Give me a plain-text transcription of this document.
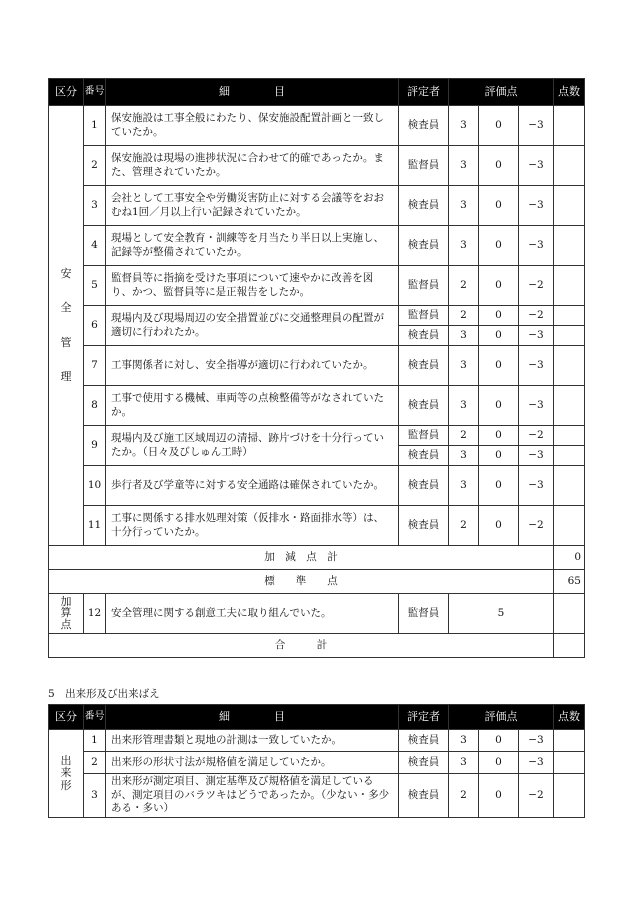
区分	番号	細　　　　目	評定者	評価点			点数

安
全
管
理	1	保安施設は工事全般にわたり、保安施設配置計画と一致していたか。	検査員	3	0	−3	
	2	保安施設は現場の進捗状況に合わせて的確であったか。また、管理されていたか。	監督員	3	0	−3	
	3	会社として工事安全や労働災害防止に対する会議等をおおむね1回／月以上行い記録されていたか。	検査員	3	0	−3	
	4	現場として安全教育・訓練等を月当たり半日以上実施し、記録等が整備されていたか。	検査員	3	0	−3	
	5	監督員等に指摘を受けた事項について速やかに改善を図り、かつ、監督員等に是正報告をしたか。	監督員	2	0	−2	
	6	現場内及び現場周辺の安全措置並びに交通整理員の配置が適切に行われたか。	監督員	2	0	−2	
			検査員	3	0	−3	
	7	工事関係者に対し、安全指導が適切に行われていたか。	検査員	3	0	−3	
	8	工事で使用する機械、車両等の点検整備等がなされていたか。	検査員	3	0	−3	
	9	現場内及び施工区域周辺の清掃、跡片づけを十分行っていたか。（日々及びしゅん工時）	監督員	2	0	−2	
			検査員	3	0	−3	
	10	歩行者及び学童等に対する安全通路は確保されていたか。	検査員	3	0	−3	
	11	工事に関係する排水処理対策（仮排水・路面排水等）は、十分行っていたか。	検査員	2	0	−2	
加　減　点　計							0
標　　準　　点							65
加算点	12	安全管理に関する創意工夫に取り組んでいた。	監督員	5			
合　　　計							
5　出来形及び出来ばえ
区分	番号	細　　　　目	評定者	評価点			点数

出
来
形	1	出来形管理書類と現地の計測は一致していたか。	検査員	3	0	−3	
	2	出来形の形状寸法が規格値を満足していたか。	検査員	3	0	−3	
	3	出来形が測定項目、測定基準及び規格値を満足しているが、測定項目のバラツキはどうであったか。（少ない・多少ある・多い）	検査員	2	0	−2	
